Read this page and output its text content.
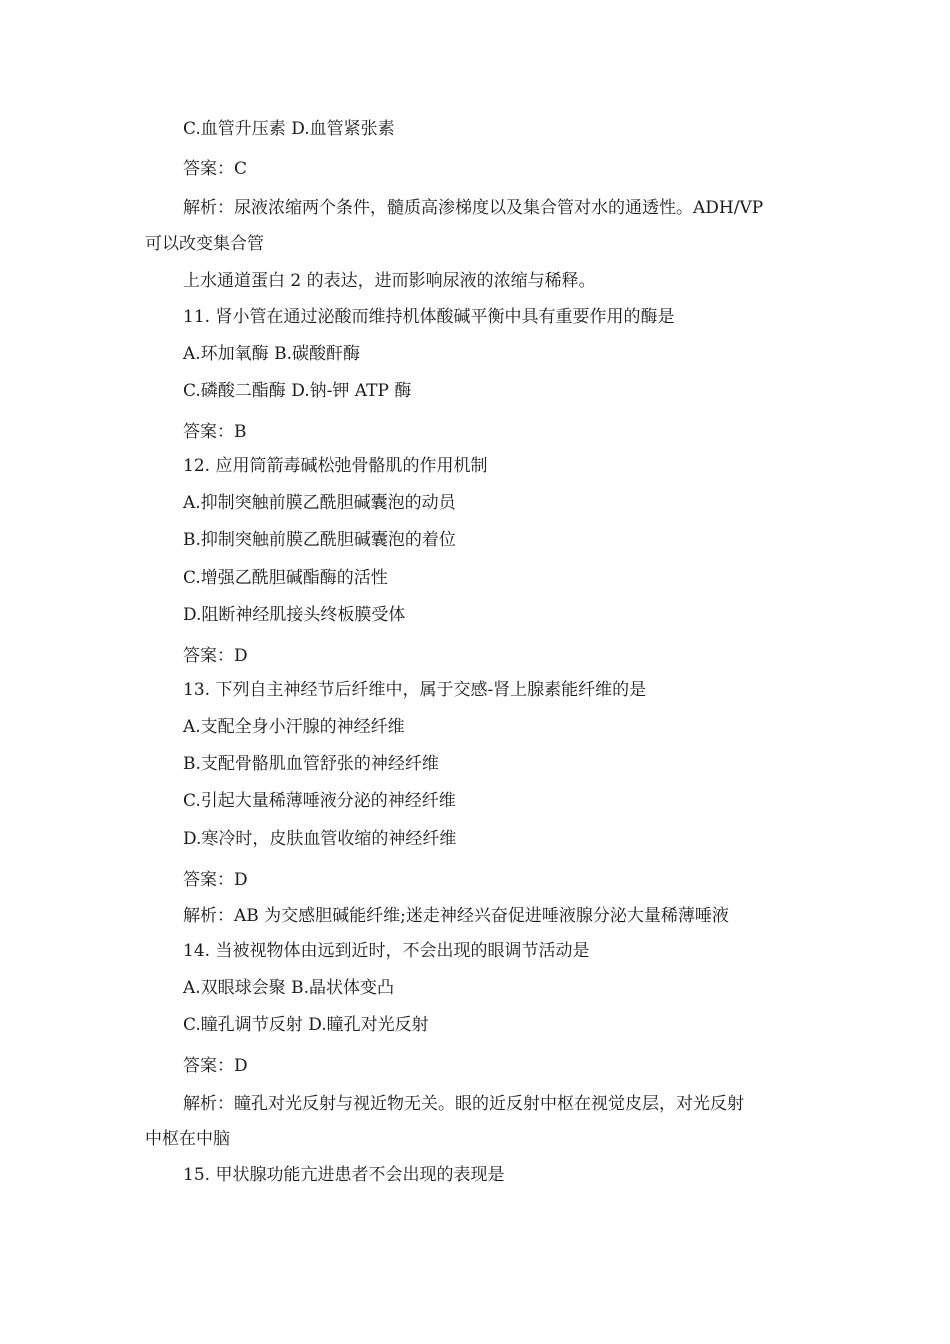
C.血管升压素 D.血管紧张素
答案：C
解析：尿液浓缩两个条件，髓质高渗梯度以及集合管对水的通透性。ADH/VP
可以改变集合管
上水通道蛋白 2 的表达，进而影响尿液的浓缩与稀释。
11. 肾小管在通过泌酸而维持机体酸碱平衡中具有重要作用的酶是
A.环加氧酶 B.碳酸酐酶
C.磷酸二酯酶 D.钠-钾 ATP 酶
答案：B
12. 应用筒箭毒碱松弛骨骼肌的作用机制
A.抑制突触前膜乙酰胆碱囊泡的动员
B.抑制突触前膜乙酰胆碱囊泡的着位
C.增强乙酰胆碱酯酶的活性
D.阻断神经肌接头终板膜受体
答案：D
13. 下列自主神经节后纤维中，属于交感-肾上腺素能纤维的是
A.支配全身小汗腺的神经纤维
B.支配骨骼肌血管舒张的神经纤维
C.引起大量稀薄唾液分泌的神经纤维
D.寒冷时，皮肤血管收缩的神经纤维
答案：D
解析：AB 为交感胆碱能纤维;迷走神经兴奋促进唾液腺分泌大量稀薄唾液
14. 当被视物体由远到近时，不会出现的眼调节活动是
A.双眼球会聚 B.晶状体变凸
C.瞳孔调节反射 D.瞳孔对光反射
答案：D
解析：瞳孔对光反射与视近物无关。眼的近反射中枢在视觉皮层，对光反射
中枢在中脑
15. 甲状腺功能亢进患者不会出现的表现是
